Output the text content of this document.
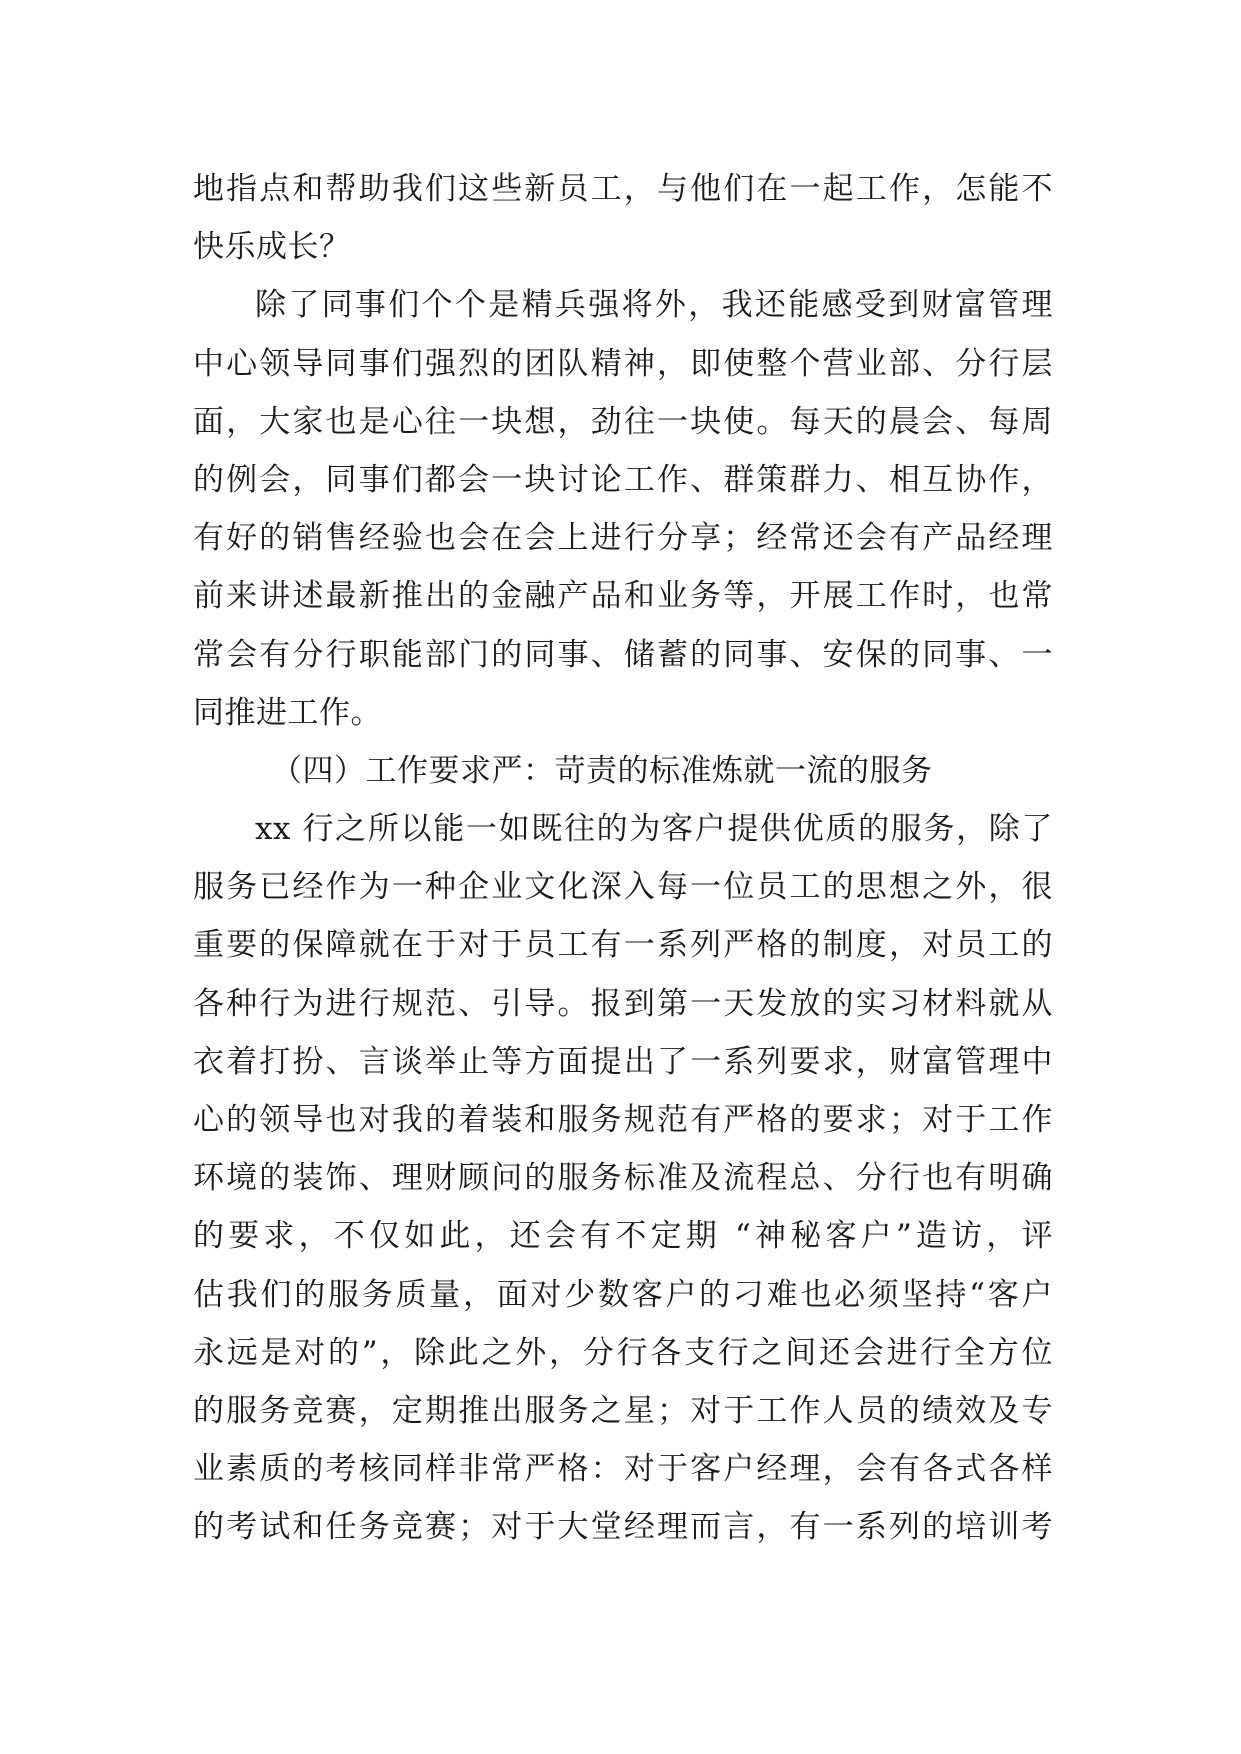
地指点和帮助我们这些新员工，与他们在一起工作，怎能不
快乐成长？
除了同事们个个是精兵强将外，我还能感受到财富管理
中心领导同事们强烈的团队精神，即使整个营业部、分行层
面，大家也是心往一块想，劲往一块使。每天的晨会、每周
的例会，同事们都会一块讨论工作、群策群力、相互协作，
有好的销售经验也会在会上进行分享；经常还会有产品经理
前来讲述最新推出的金融产品和业务等，开展工作时，也常
常会有分行职能部门的同事、储蓄的同事、安保的同事、一
同推进工作。
（四）工作要求严：苛责的标准炼就一流的服务
xx 行之所以能一如既往的为客户提供优质的服务，除了
服务已经作为一种企业文化深入每一位员工的思想之外，很
重要的保障就在于对于员工有一系列严格的制度，对员工的
各种行为进行规范、引导。报到第一天发放的实习材料就从
衣着打扮、言谈举止等方面提出了一系列要求，财富管理中
心的领导也对我的着装和服务规范有严格的要求；对于工作
环境的装饰、理财顾问的服务标准及流程总、分行也有明确
的要求，不仅如此，还会有不定期 “神秘客户”造访，评
估我们的服务质量，面对少数客户的刁难也必须坚持“客户
永远是对的”，除此之外，分行各支行之间还会进行全方位
的服务竞赛，定期推出服务之星；对于工作人员的绩效及专
业素质的考核同样非常严格：对于客户经理，会有各式各样
的考试和任务竞赛；对于大堂经理而言，有一系列的培训考
